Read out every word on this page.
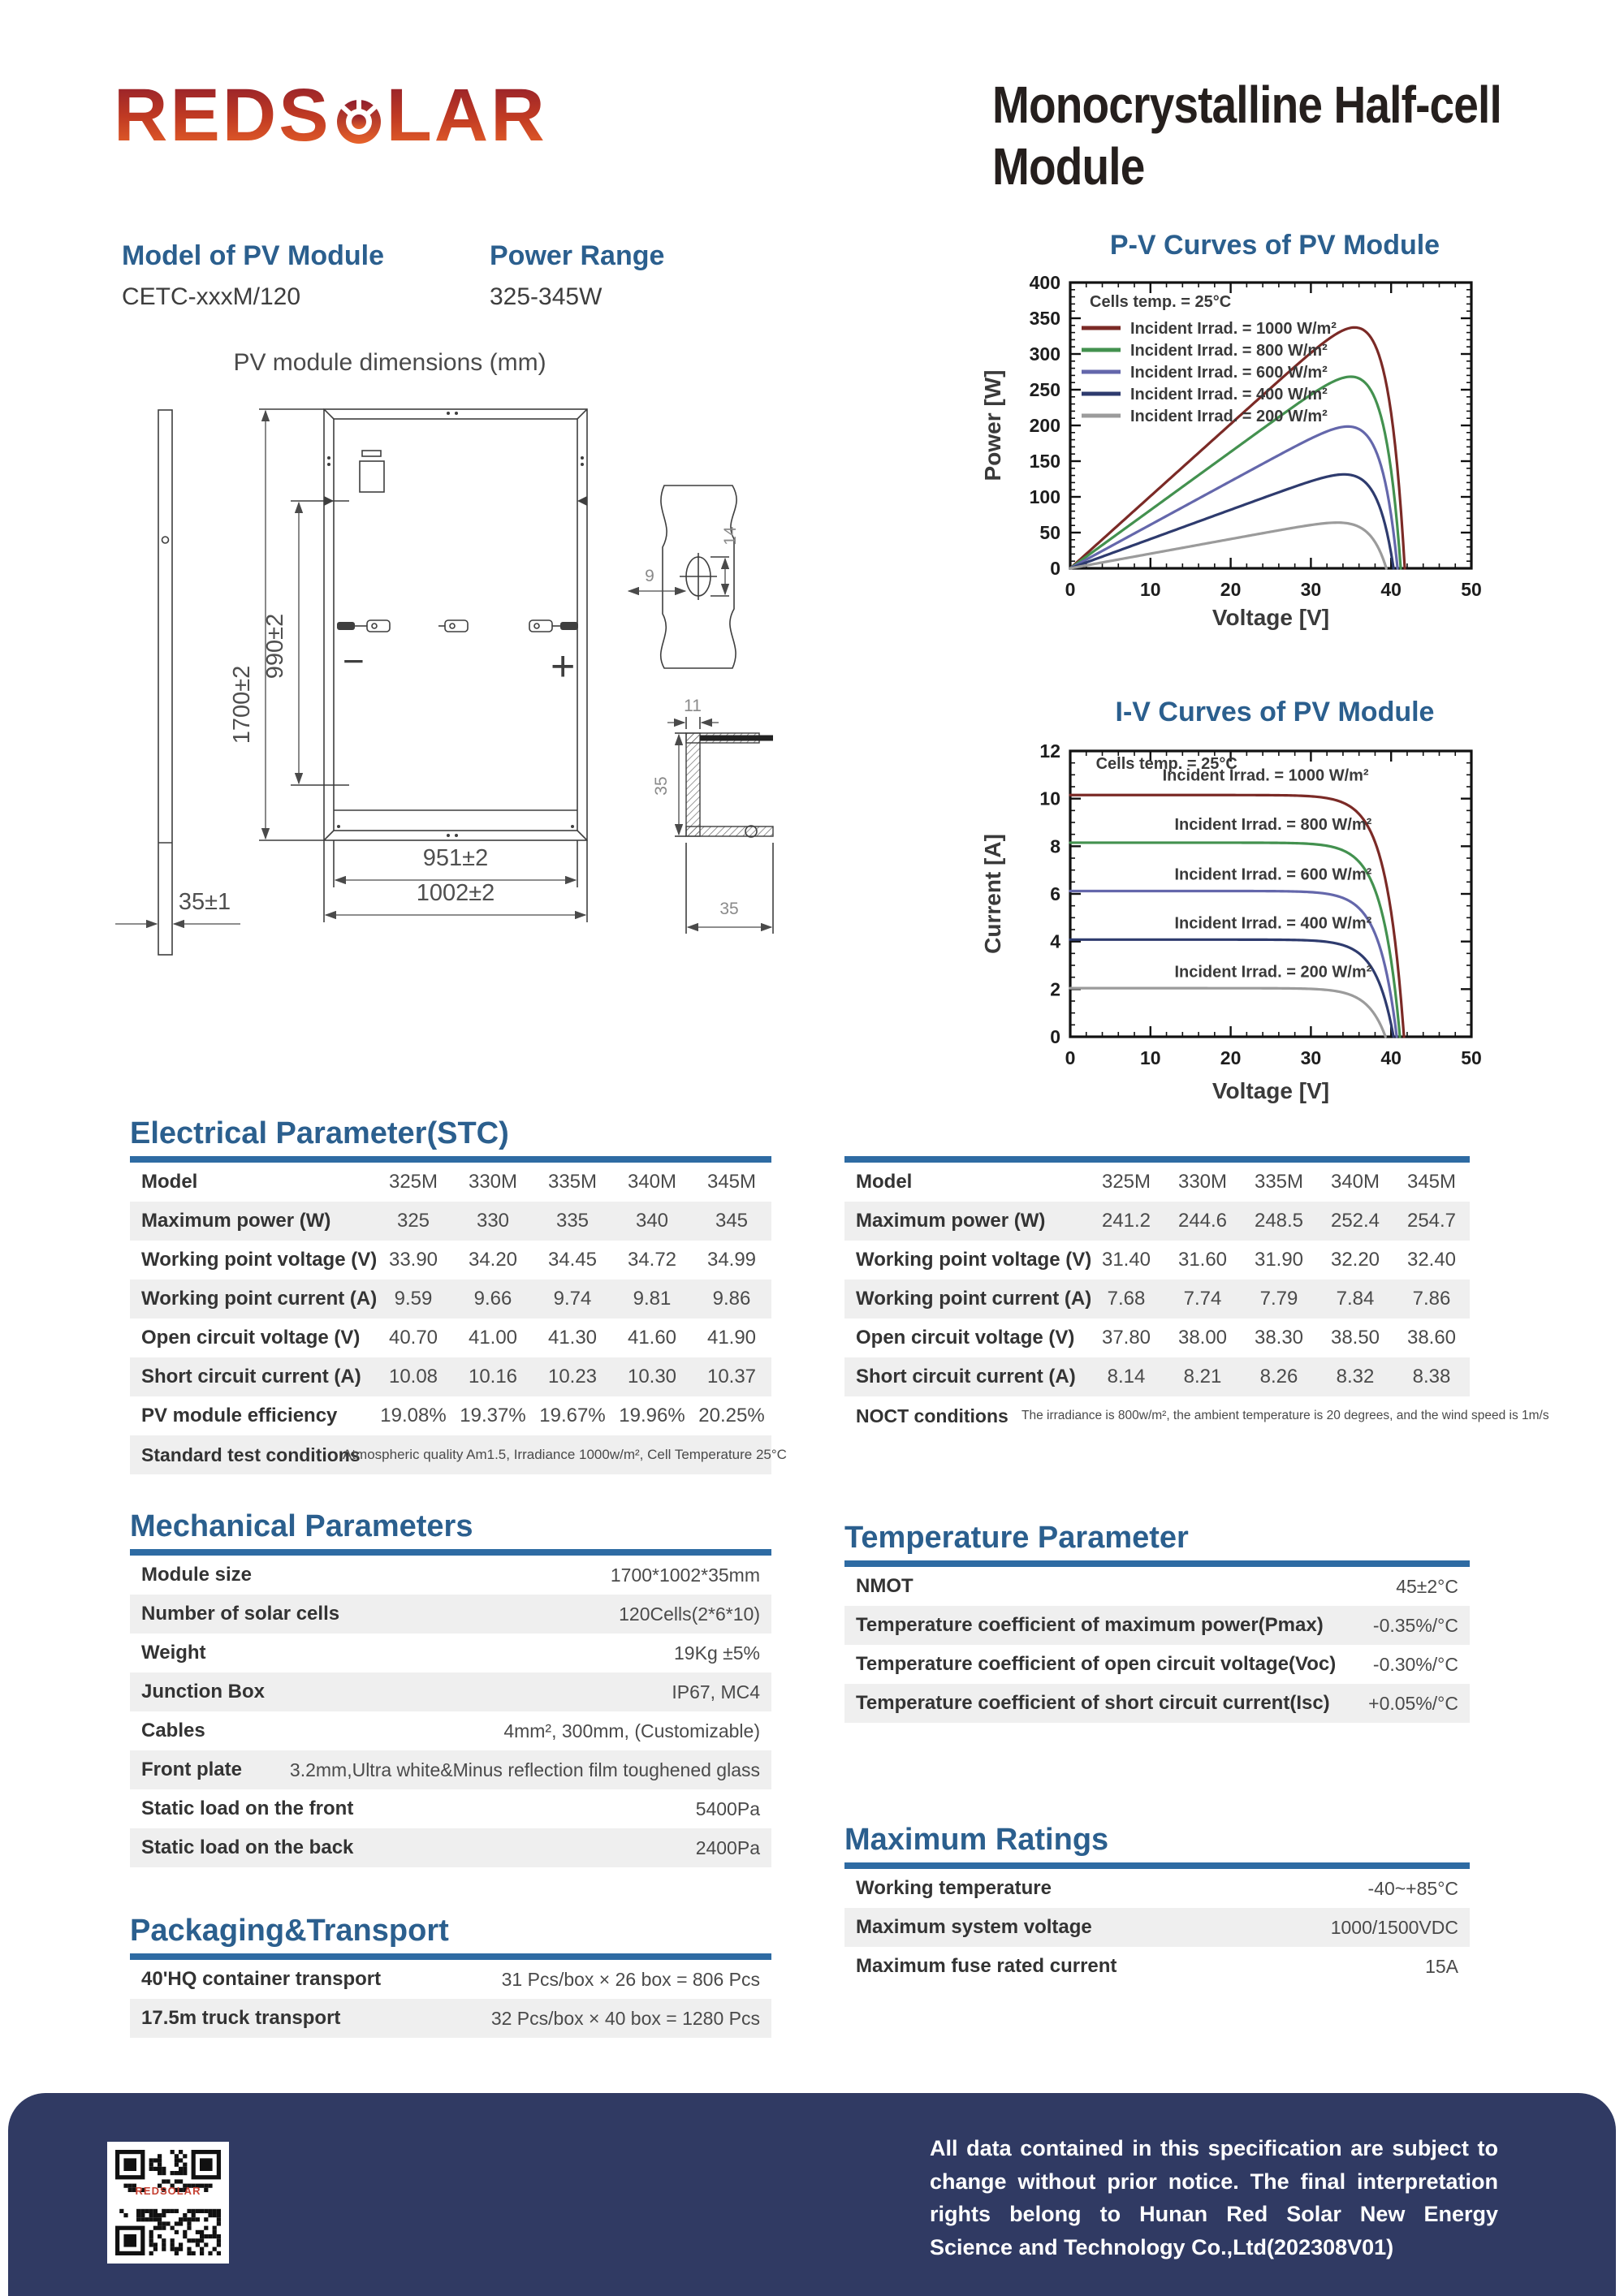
REDS LAR	Monocrystalline Half-cell
Module
Model of PV Module
CETC-xxxM/120
Power Range
325-345W
PV module dimensions (mm)
35±1
−	+
1700±2
990±2
951±2
1002±2
14
9
11
35
35
P-V Curves of PV Module
0	10	20	30	40	50
0
50
100
150
200
250
300
350
400
Voltage [V]
Power [W]
Cells temp. = 25°C
Incident Irrad. = 1000 W/m²
Incident Irrad. = 800 W/m²
Incident Irrad. = 600 W/m²
Incident Irrad. = 400 W/m²
Incident Irrad. = 200 W/m²
I-V Curves of PV Module
0	10	20	30	40	50
0
2
4
6
8
10
12
Voltage [V]
Current [A]
Cells temp. = 25°C
Incident Irrad. = 1000 W/m²
Incident Irrad. = 800 W/m²
Incident Irrad. = 600 W/m²
Incident Irrad. = 400 W/m²
Incident Irrad. = 200 W/m²
Electrical Parameter(STC)
Model	325M	330M	335M	340M	345M
Maximum power (W)	325	330	335	340	345
Working point voltage (V) 33.90	34.20	34.45	34.72	34.99
Working point current (A) 9.59	9.66	9.74	9.81	9.86
Open circuit voltage (V)	40.70	41.00	41.30	41.60	41.90
Short circuit current (A)	10.08	10.16	10.23	10.30	10.37
PV module efficiency	19.08% 19.37% 19.67% 19.96% 20.25%
Standard test conditions
Atmospheric quality Am1.5, Irradiance 1000w/m², Cell Temperature 25°C
Model	325M	330M	335M	340M	345M
Maximum power (W)	241.2	244.6	248.5	252.4	254.7
Working point voltage (V) 31.40	31.60	31.90	32.20	32.40
Working point current (A) 7.68	7.74	7.79	7.84	7.86
Open circuit voltage (V)	37.80	38.00	38.30	38.50	38.60
Short circuit current (A)	8.14	8.21	8.26	8.32	8.38
NOCT conditions	The irradiance is 800w/m², the ambient temperature is 20 degrees, and the wind speed is 1m/s
Mechanical Parameters
Module size	1700*1002*35mm
Number of solar cells	120Cells(2*6*10)
Weight	19Kg ±5%
Junction Box	IP67, MC4
Cables	4mm², 300mm, (Customizable)
Front plate	3.2mm,Ultra white&Minus reflection film toughened glass
Static load on the front	5400Pa
Static load on the back	2400Pa
Temperature Parameter
NMOT	45±2°C
Temperature coefficient of maximum power(Pmax)	-0.35%/°C
Temperature coefficient of open circuit voltage(Voc)	-0.30%/°C
Temperature coefficient of short circuit current(Isc)	+0.05%/°C
Maximum Ratings
Working temperature	-40~+85°C
Maximum system voltage	1000/1500VDC
Maximum fuse rated current	15A
Packaging&Transport
40'HQ container transport	31 Pcs/box × 26 box = 806 Pcs
17.5m truck transport	32 Pcs/box × 40 box = 1280 Pcs
REDSOLAR
All data contained in this specification are subject to change without prior notice. The final interpretation rights belong to Hunan Red Solar New Energy Science and Technology Co.,Ltd(202308V01)
